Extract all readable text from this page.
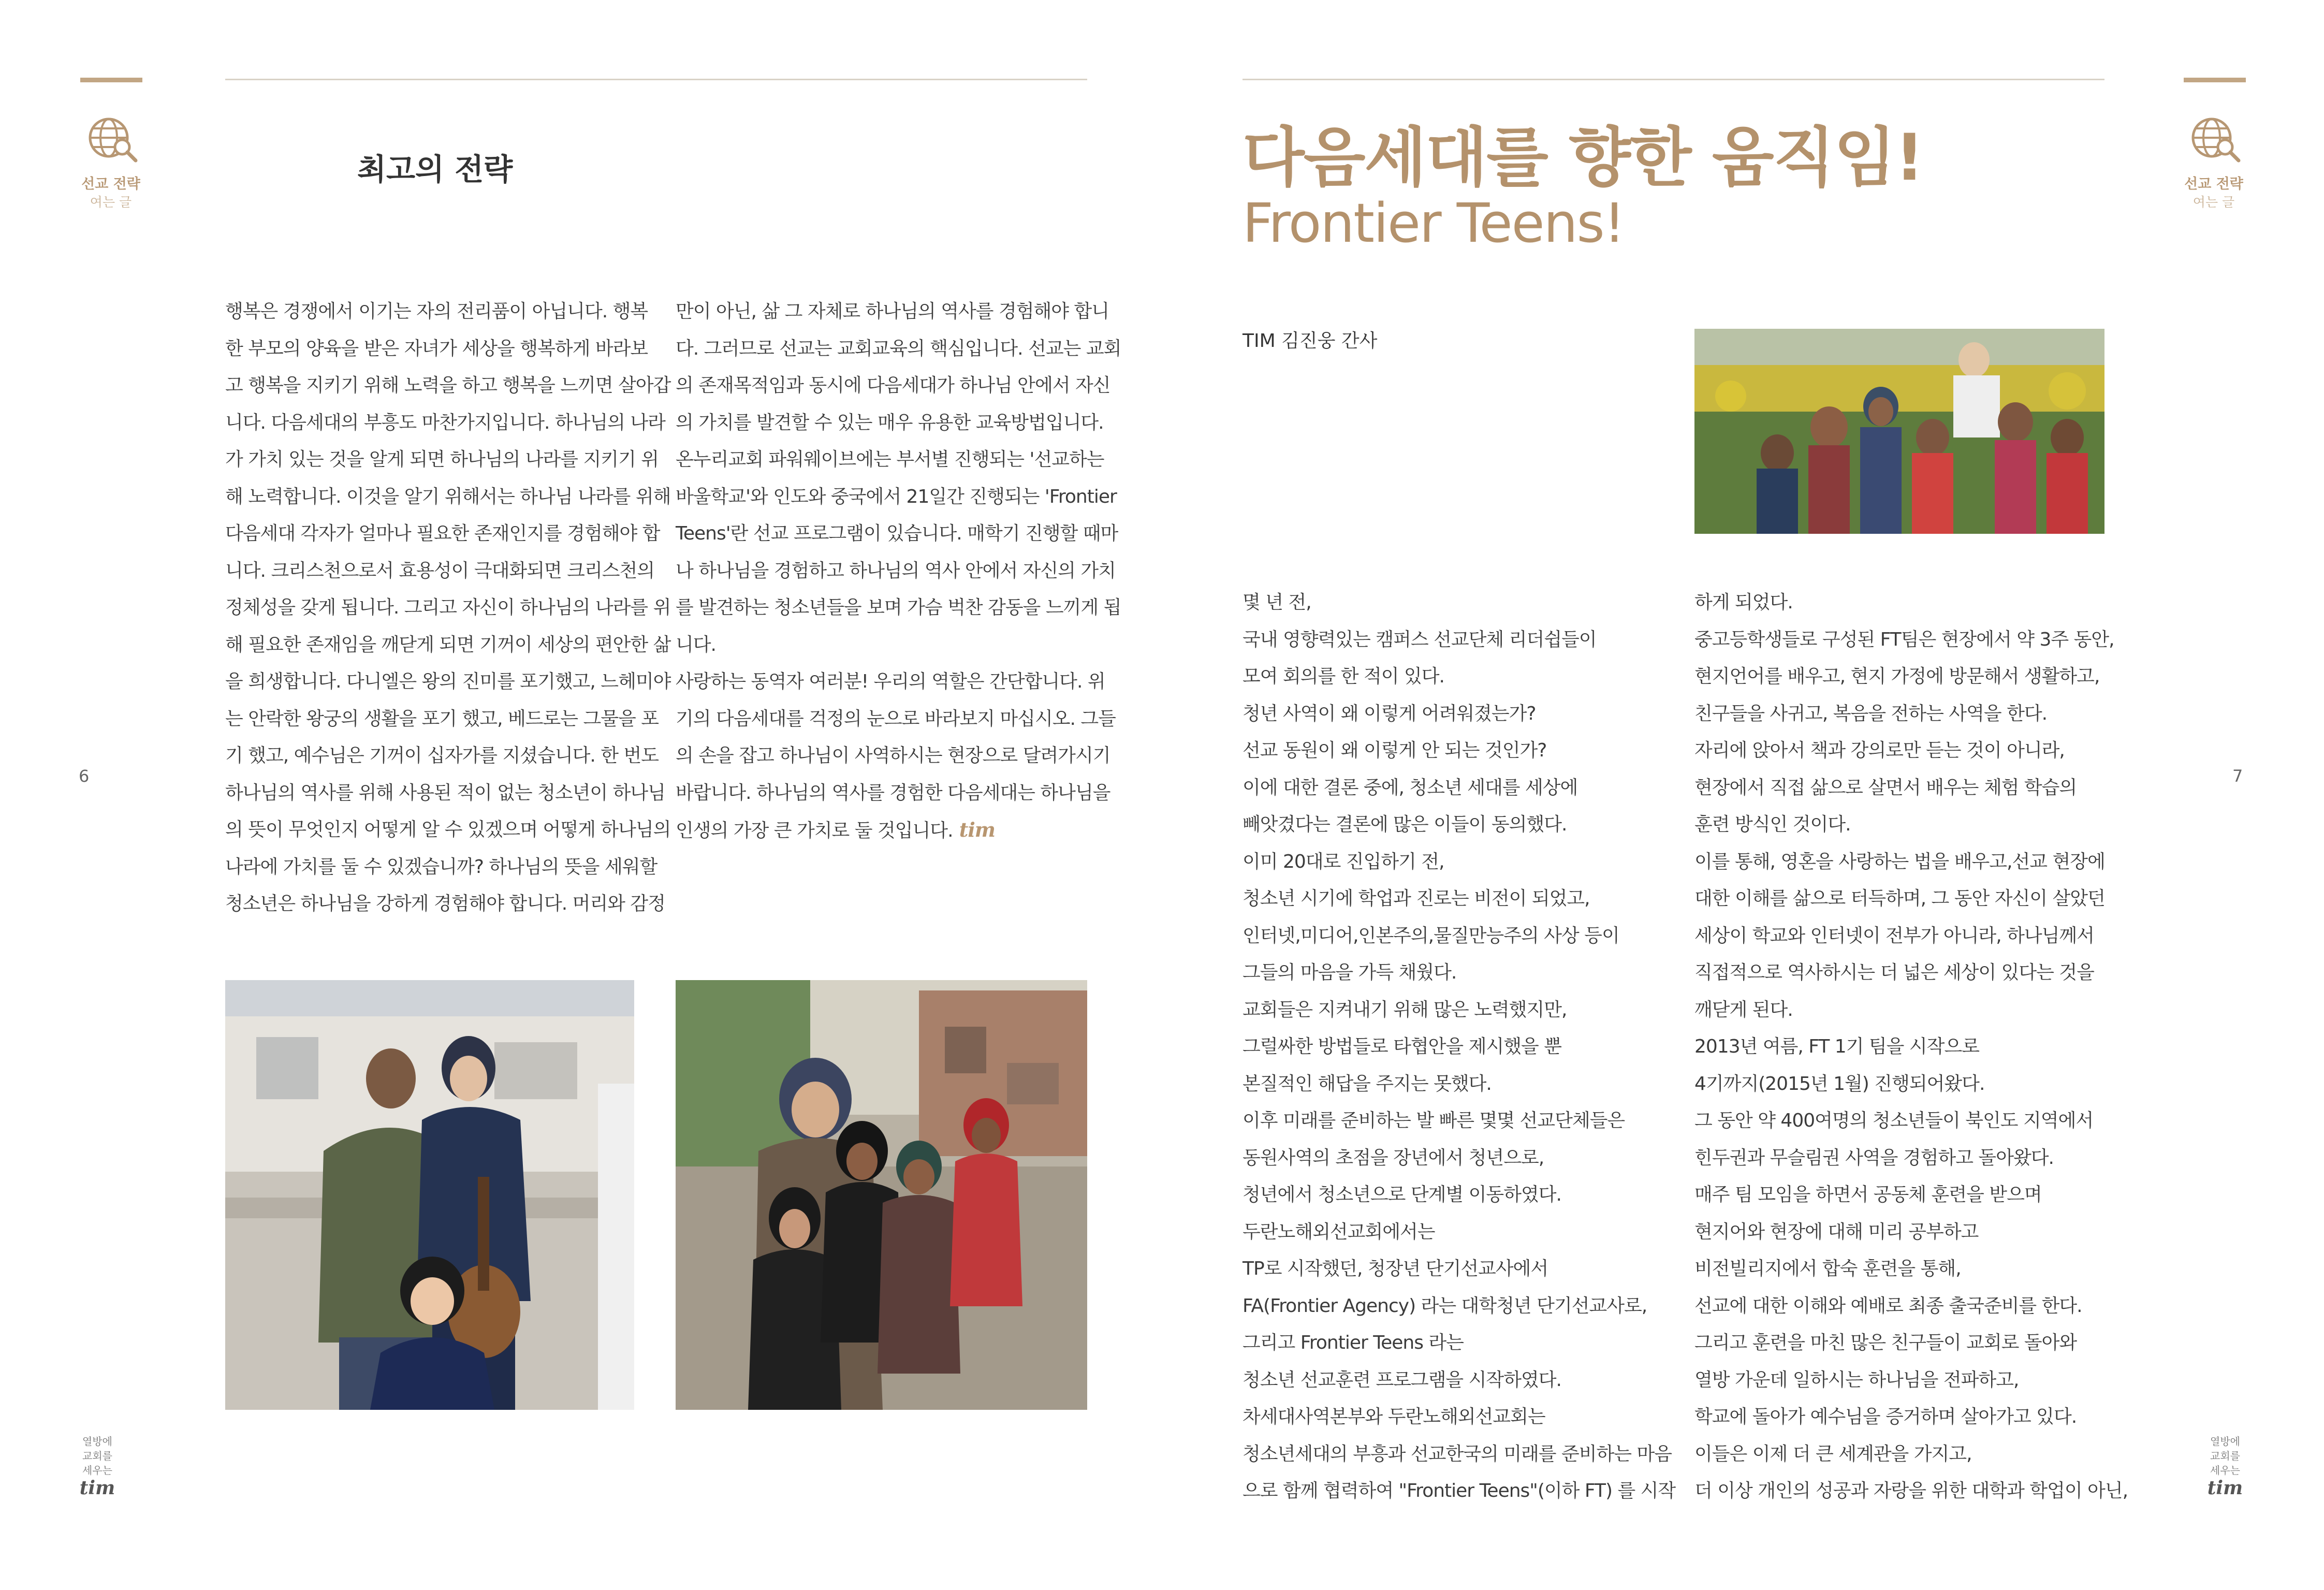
선교 전략
여는 글
선교 전략
여는 글
6	7
열방에
교회를
세우는
tim
열방에
교회를
세우는
tim
최고의 전략
행복은 경쟁에서 이기는 자의 전리품이 아닙니다. 행복
한 부모의 양육을 받은 자녀가 세상을 행복하게 바라보
고 행복을 지키기 위해 노력을 하고 행복을 느끼면 살아갑
니다. 다음세대의 부흥도 마찬가지입니다. 하나님의 나라
가 가치 있는 것을 알게 되면 하나님의 나라를 지키기 위
해 노력합니다. 이것을 알기 위해서는 하나님 나라를 위해
다음세대 각자가 얼마나 필요한 존재인지를 경험해야 합
니다. 크리스천으로서 효용성이 극대화되면 크리스천의
정체성을 갖게 됩니다. 그리고 자신이 하나님의 나라를 위
해 필요한 존재임을 깨닫게 되면 기꺼이 세상의 편안한 삶
을 희생합니다. 다니엘은 왕의 진미를 포기했고, 느헤미야
는 안락한 왕궁의 생활을 포기 했고, 베드로는 그물을 포
기 했고, 예수님은 기꺼이 십자가를 지셨습니다. 한 번도
하나님의 역사를 위해 사용된 적이 없는 청소년이 하나님
의 뜻이 무엇인지 어떻게 알 수 있겠으며 어떻게 하나님의
나라에 가치를 둘 수 있겠습니까? 하나님의 뜻을 세워할
청소년은 하나님을 강하게 경험해야 합니다. 머리와 감정
만이 아닌, 삶 그 자체로 하나님의 역사를 경험해야 합니
다. 그러므로 선교는 교회교육의 핵심입니다. 선교는 교회
의 존재목적임과 동시에 다음세대가 하나님 안에서 자신
의 가치를 발견할 수 있는 매우 유용한 교육방법입니다.
온누리교회 파워웨이브에는 부서별 진행되는 '선교하는
바울학교'와 인도와 중국에서 21일간 진행되는 'Frontier
Teens'란 선교 프로그램이 있습니다. 매학기 진행할 때마
나 하나님을 경험하고 하나님의 역사 안에서 자신의 가치
를 발견하는 청소년들을 보며 가슴 벅찬 감동을 느끼게 됩
니다.
사랑하는 동역자 여러분! 우리의 역할은 간단합니다. 위
기의 다음세대를 걱정의 눈으로 바라보지 마십시오. 그들
의 손을 잡고 하나님이 사역하시는 현장으로 달려가시기
바랍니다. 하나님의 역사를 경험한 다음세대는 하나님을
인생의 가장 큰 가치로 둘 것입니다. tim
다음세대를 향한 움직임!
Frontier Teens!
TIM 김진웅 간사
몇 년 전,
국내 영향력있는 캠퍼스 선교단체 리더쉽들이
모여 회의를 한 적이 있다.
청년 사역이 왜 이렇게 어려워졌는가?
선교 동원이 왜 이렇게 안 되는 것인가?
이에 대한 결론 중에, 청소년 세대를 세상에
빼앗겼다는 결론에 많은 이들이 동의했다.
이미 20대로 진입하기 전,
청소년 시기에 학업과 진로는 비전이 되었고,
인터넷,미디어,인본주의,물질만능주의 사상 등이
그들의 마음을 가득 채웠다.
교회들은 지켜내기 위해 많은 노력했지만,
그럴싸한 방법들로 타협안을 제시했을 뿐
본질적인 해답을 주지는 못했다.
이후 미래를 준비하는 발 빠른 몇몇 선교단체들은
동원사역의 초점을 장년에서 청년으로,
청년에서 청소년으로 단계별 이동하였다.
두란노해외선교회에서는
TP로 시작했던, 청장년 단기선교사에서
FA(Frontier Agency) 라는 대학청년 단기선교사로,
그리고 Frontier Teens 라는
청소년 선교훈련 프로그램을 시작하였다.
차세대사역본부와 두란노해외선교회는
청소년세대의 부흥과 선교한국의 미래를 준비하는 마음
으로 함께 협력하여 "Frontier Teens"(이하 FT) 를 시작
하게 되었다.
중고등학생들로 구성된 FT팀은 현장에서 약 3주 동안,
현지언어를 배우고, 현지 가정에 방문해서 생활하고,
친구들을 사귀고, 복음을 전하는 사역을 한다.
자리에 앉아서 책과 강의로만 듣는 것이 아니라,
현장에서 직접 삶으로 살면서 배우는 체험 학습의
훈련 방식인 것이다.
이를 통해, 영혼을 사랑하는 법을 배우고,선교 현장에
대한 이해를 삶으로 터득하며, 그 동안 자신이 살았던
세상이 학교와 인터넷이 전부가 아니라, 하나님께서
직접적으로 역사하시는 더 넓은 세상이 있다는 것을
깨닫게 된다.
2013년 여름, FT 1기 팀을 시작으로
4기까지(2015년 1월) 진행되어왔다.
그 동안 약 400여명의 청소년들이 북인도 지역에서
힌두권과 무슬림권 사역을 경험하고 돌아왔다.
매주 팀 모임을 하면서 공동체 훈련을 받으며
현지어와 현장에 대해 미리 공부하고
비전빌리지에서 합숙 훈련을 통해,
선교에 대한 이해와 예배로 최종 출국준비를 한다.
그리고 훈련을 마친 많은 친구들이 교회로 돌아와
열방 가운데 일하시는 하나님을 전파하고,
학교에 돌아가 예수님을 증거하며 살아가고 있다.
이들은 이제 더 큰 세계관을 가지고,
더 이상 개인의 성공과 자랑을 위한 대학과 학업이 아닌,
